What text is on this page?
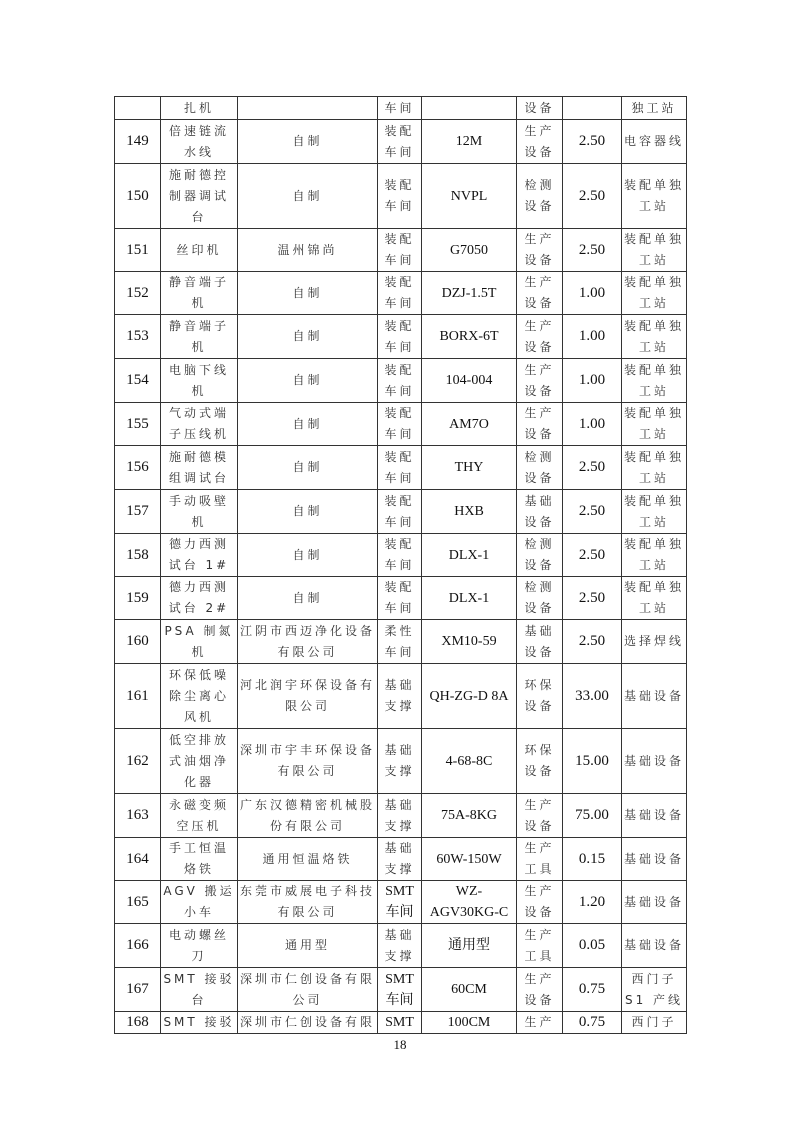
	扎机		车间		设备		独工站
149	倍速链流水线	自制	装配车间	12M	生产设备	2.50	电容器线
150	施耐德控制器调试台	自制	装配车间	NVPL	检测设备	2.50	装配单独工站
151	丝印机	温州锦尚	装配车间	G7050	生产设备	2.50	装配单独工站
152	静音端子机	自制	装配车间	DZJ-1.5T	生产设备	1.00	装配单独工站
153	静音端子机	自制	装配车间	BORX-6T	生产设备	1.00	装配单独工站
154	电脑下线机	自制	装配车间	104-004	生产设备	1.00	装配单独工站
155	气动式端子压线机	自制	装配车间	AM7O	生产设备	1.00	装配单独工站
156	施耐德模组调试台	自制	装配车间	THY	检测设备	2.50	装配单独工站
157	手动吸壁机	自制	装配车间	HXB	基础设备	2.50	装配单独工站
158	德力西测试台 1#	自制	装配车间	DLX-1	检测设备	2.50	装配单独工站
159	德力西测试台 2#	自制	装配车间	DLX-1	检测设备	2.50	装配单独工站
160	PSA 制氮机	江阴市西迈净化设备有限公司	柔性车间	XM10-59	基础设备	2.50	选择焊线
161	环保低噪除尘离心风机	河北润宇环保设备有限公司	基础支撑	QH-ZG-D 8A	环保设备	33.00	基础设备
162	低空排放式油烟净化器	深圳市宇丰环保设备有限公司	基础支撑	4-68-8C	环保设备	15.00	基础设备
163	永磁变频空压机	广东汉德精密机械股份有限公司	基础支撑	75A-8KG	生产设备	75.00	基础设备
164	手工恒温烙铁	通用恒温烙铁	基础支撑	60W-150W	生产工具	0.15	基础设备
165	AGV 搬运小车	东莞市威展电子科技有限公司	SMT 车间	WZ-AGV30KG-C	生产设备	1.20	基础设备
166	电动螺丝刀	通用型	基础支撑	通用型	生产工具	0.05	基础设备
167	SMT 接驳台	深圳市仁创设备有限公司	SMT 车间	60CM	生产设备	0.75	西门子 S1 产线
168	SMT 接驳	深圳市仁创设备有限	SMT	100CM	生产	0.75	西门子
18
